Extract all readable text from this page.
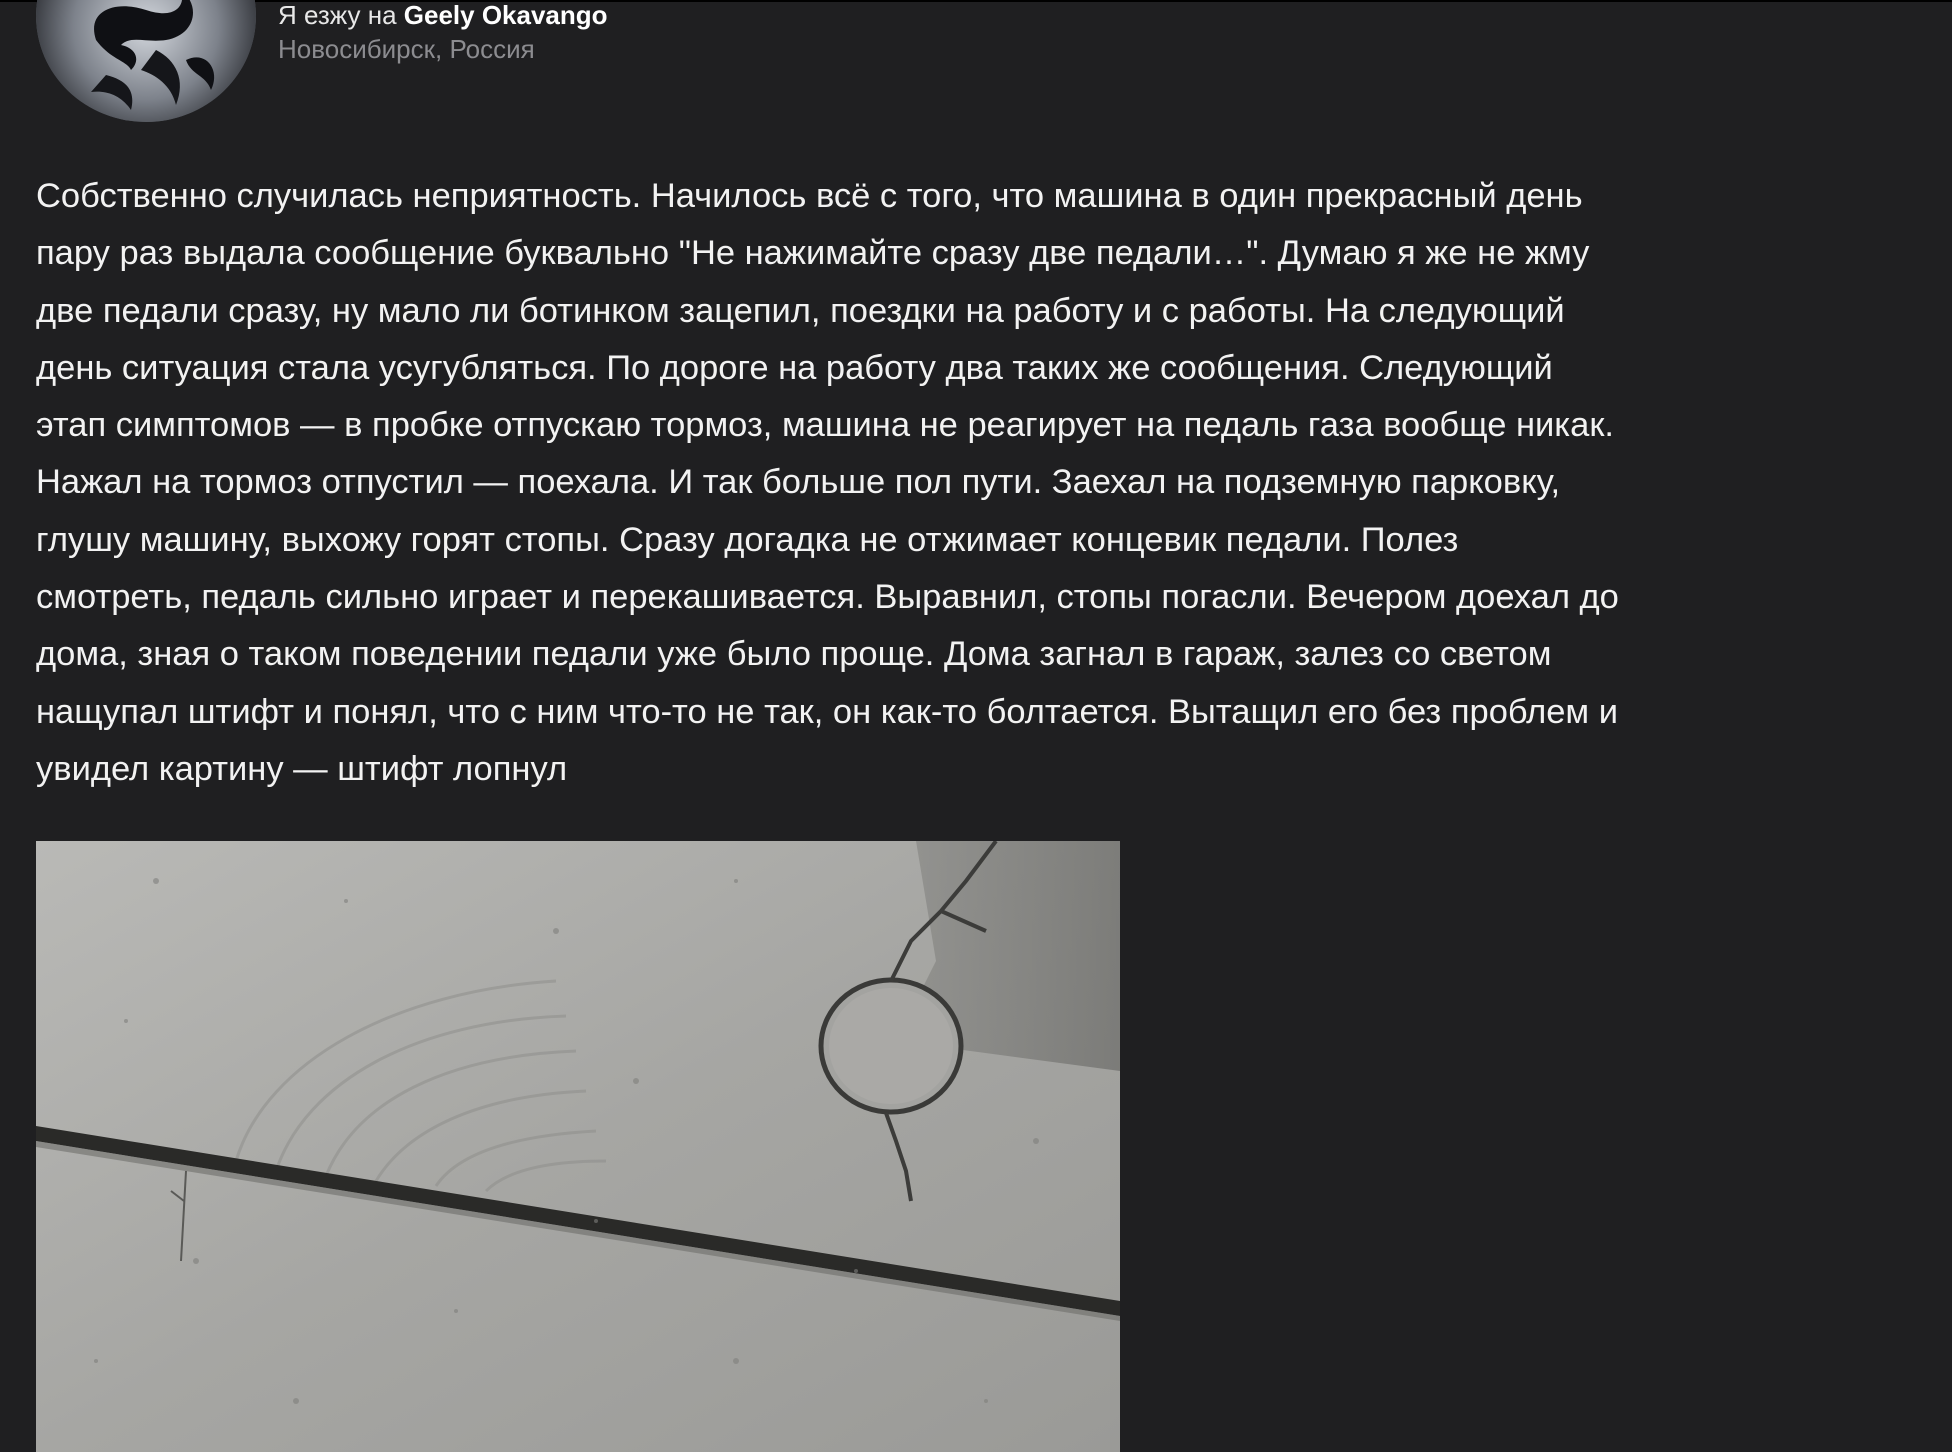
Я езжу на Geely Okavango
Новосибирск, Россия

Собственно случилась неприятность. Начилось всё с того, что машина в один прекрасный день
пару раз выдала сообщение буквально "Не нажимайте сразу две педали…". Думаю я же не жму
две педали сразу, ну мало ли ботинком зацепил, поездки на работу и с работы. На следующий
день ситуация стала усугубляться. По дороге на работу два таких же сообщения. Следующий
этап симптомов — в пробке отпускаю тормоз, машина не реагирует на педаль газа вообще никак.
Нажал на тормоз отпустил — поехала. И так больше пол пути. Заехал на подземную парковку,
глушу машину, выхожу горят стопы. Сразу догадка не отжимает концевик педали. Полез
смотреть, педаль сильно играет и перекашивается. Выравнил, стопы погасли. Вечером доехал до
дома, зная о таком поведении педали уже было проще. Дома загнал в гараж, залез со светом
нащупал штифт и понял, что с ним что-то не так, он как-то болтается. Вытащил его без проблем и
увидел картину — штифт лопнул
